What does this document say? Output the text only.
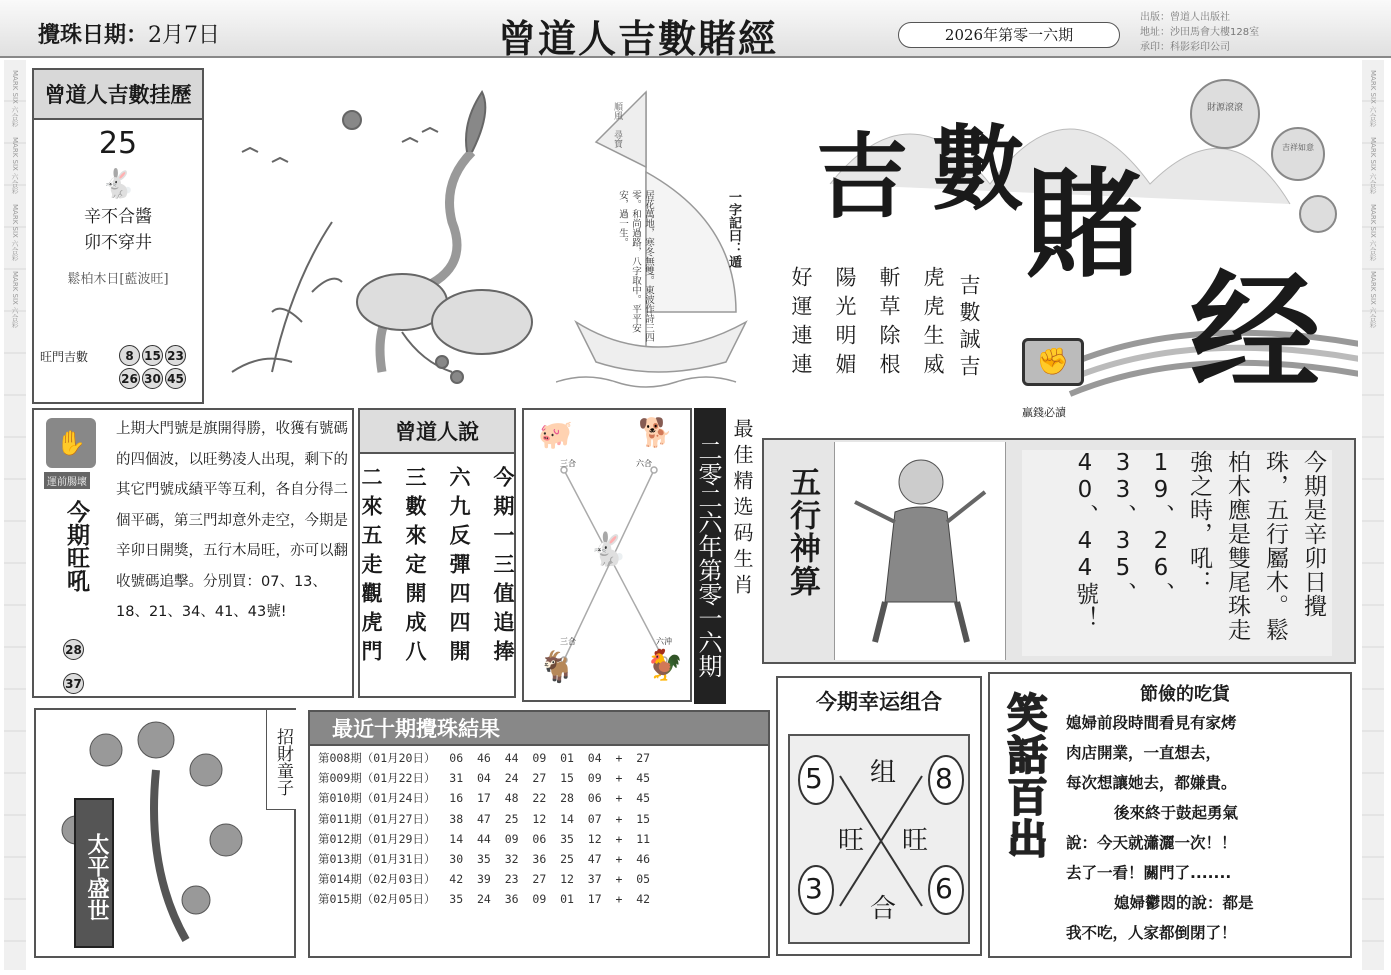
MARK SIX 六合彩
MARK SIX 六合彩
MARK SIX 六合彩
MARK SIX 六合彩
MARK SIX 六合彩
MARK SIX 六合彩
MARK SIX 六合彩
MARK SIX 六合彩
攪珠日期：2月7日	曾道人吉數賭經	2026年第零一六期
出版：曾道人出版社
地址：沙田馬會大樓128室
承印：科影彩印公司
曾道人吉數挂歷
25
🐇
辛不合醬
卯不穿井
鬆柏木日[藍波旺]
旺門吉數	8 15 2326 30 45
順風 尋寶
一字記曰：遁
居花萬地，寒冬無雙。東波作詩三四零。和尚過路，八字取中。平平安安，過一生。
財源滾滾
吉祥如意
吉 數 賭
经
虎虎生威
斬草除根
陽光明媚
好運連連	吉數誠吉	✊
贏錢必讀
✋
運前腸壞
今期旺吼
28 37
上期大門號是旗開得勝，收獲有號碼的四個波，以旺勢凌人出現，剩下的其它門號成績平等互利，各自分得二個平碼，第三門却意外走空，今期是辛卯日開獎，五行木局旺，亦可以翻收號碼追擊。分別買：07、13、18、21、34、41、43號!
曾道人說
今期一三值追捧
六九反彈四四開
三數來定開成八
二來五走觀虎門
🐖 🐕
🐇
🐐 🐓
三合	六合
三合	六沖 二零二六年第零一六期 最佳精选码生肖 五行神算	今期是辛卯日攪珠，五行屬木。鬆柏木應是雙尾珠走強之時，吼：19、26、33、35、40、44號！
太平盛世
招財童子	最近十期攪珠結果
第008期（01月20日）  06  46  44  09  01  04  +  27
第009期（01月22日）  31  04  24  27  15  09  +  45
第010期（01月24日）  16  17  48  22  28  06  +  45
第011期（01月27日）  38  47  25  12  14  07  +  15
第012期（01月29日）  14  44  09  06  35  12  +  11
第013期（01月31日）  30  35  32  36  25  47  +  46
第014期（02月03日）  42  39  23  27  12  37  +  05
第015期（02月05日）  35  24  36  09  01  17  +  42
今期幸运组合
5	8
3	6
组
旺 旺
合
笑話百出	節儉的吃貨
媳婦前段時間看見有家烤
肉店開業，一直想去，
每次想讓她去，都嫌貴。
後來終于鼓起勇氣
說：今天就瀟灑一次！！
去了一看！關門了.......
媳婦鬱悶的說：都是
我不吃，人家都倒閉了！
